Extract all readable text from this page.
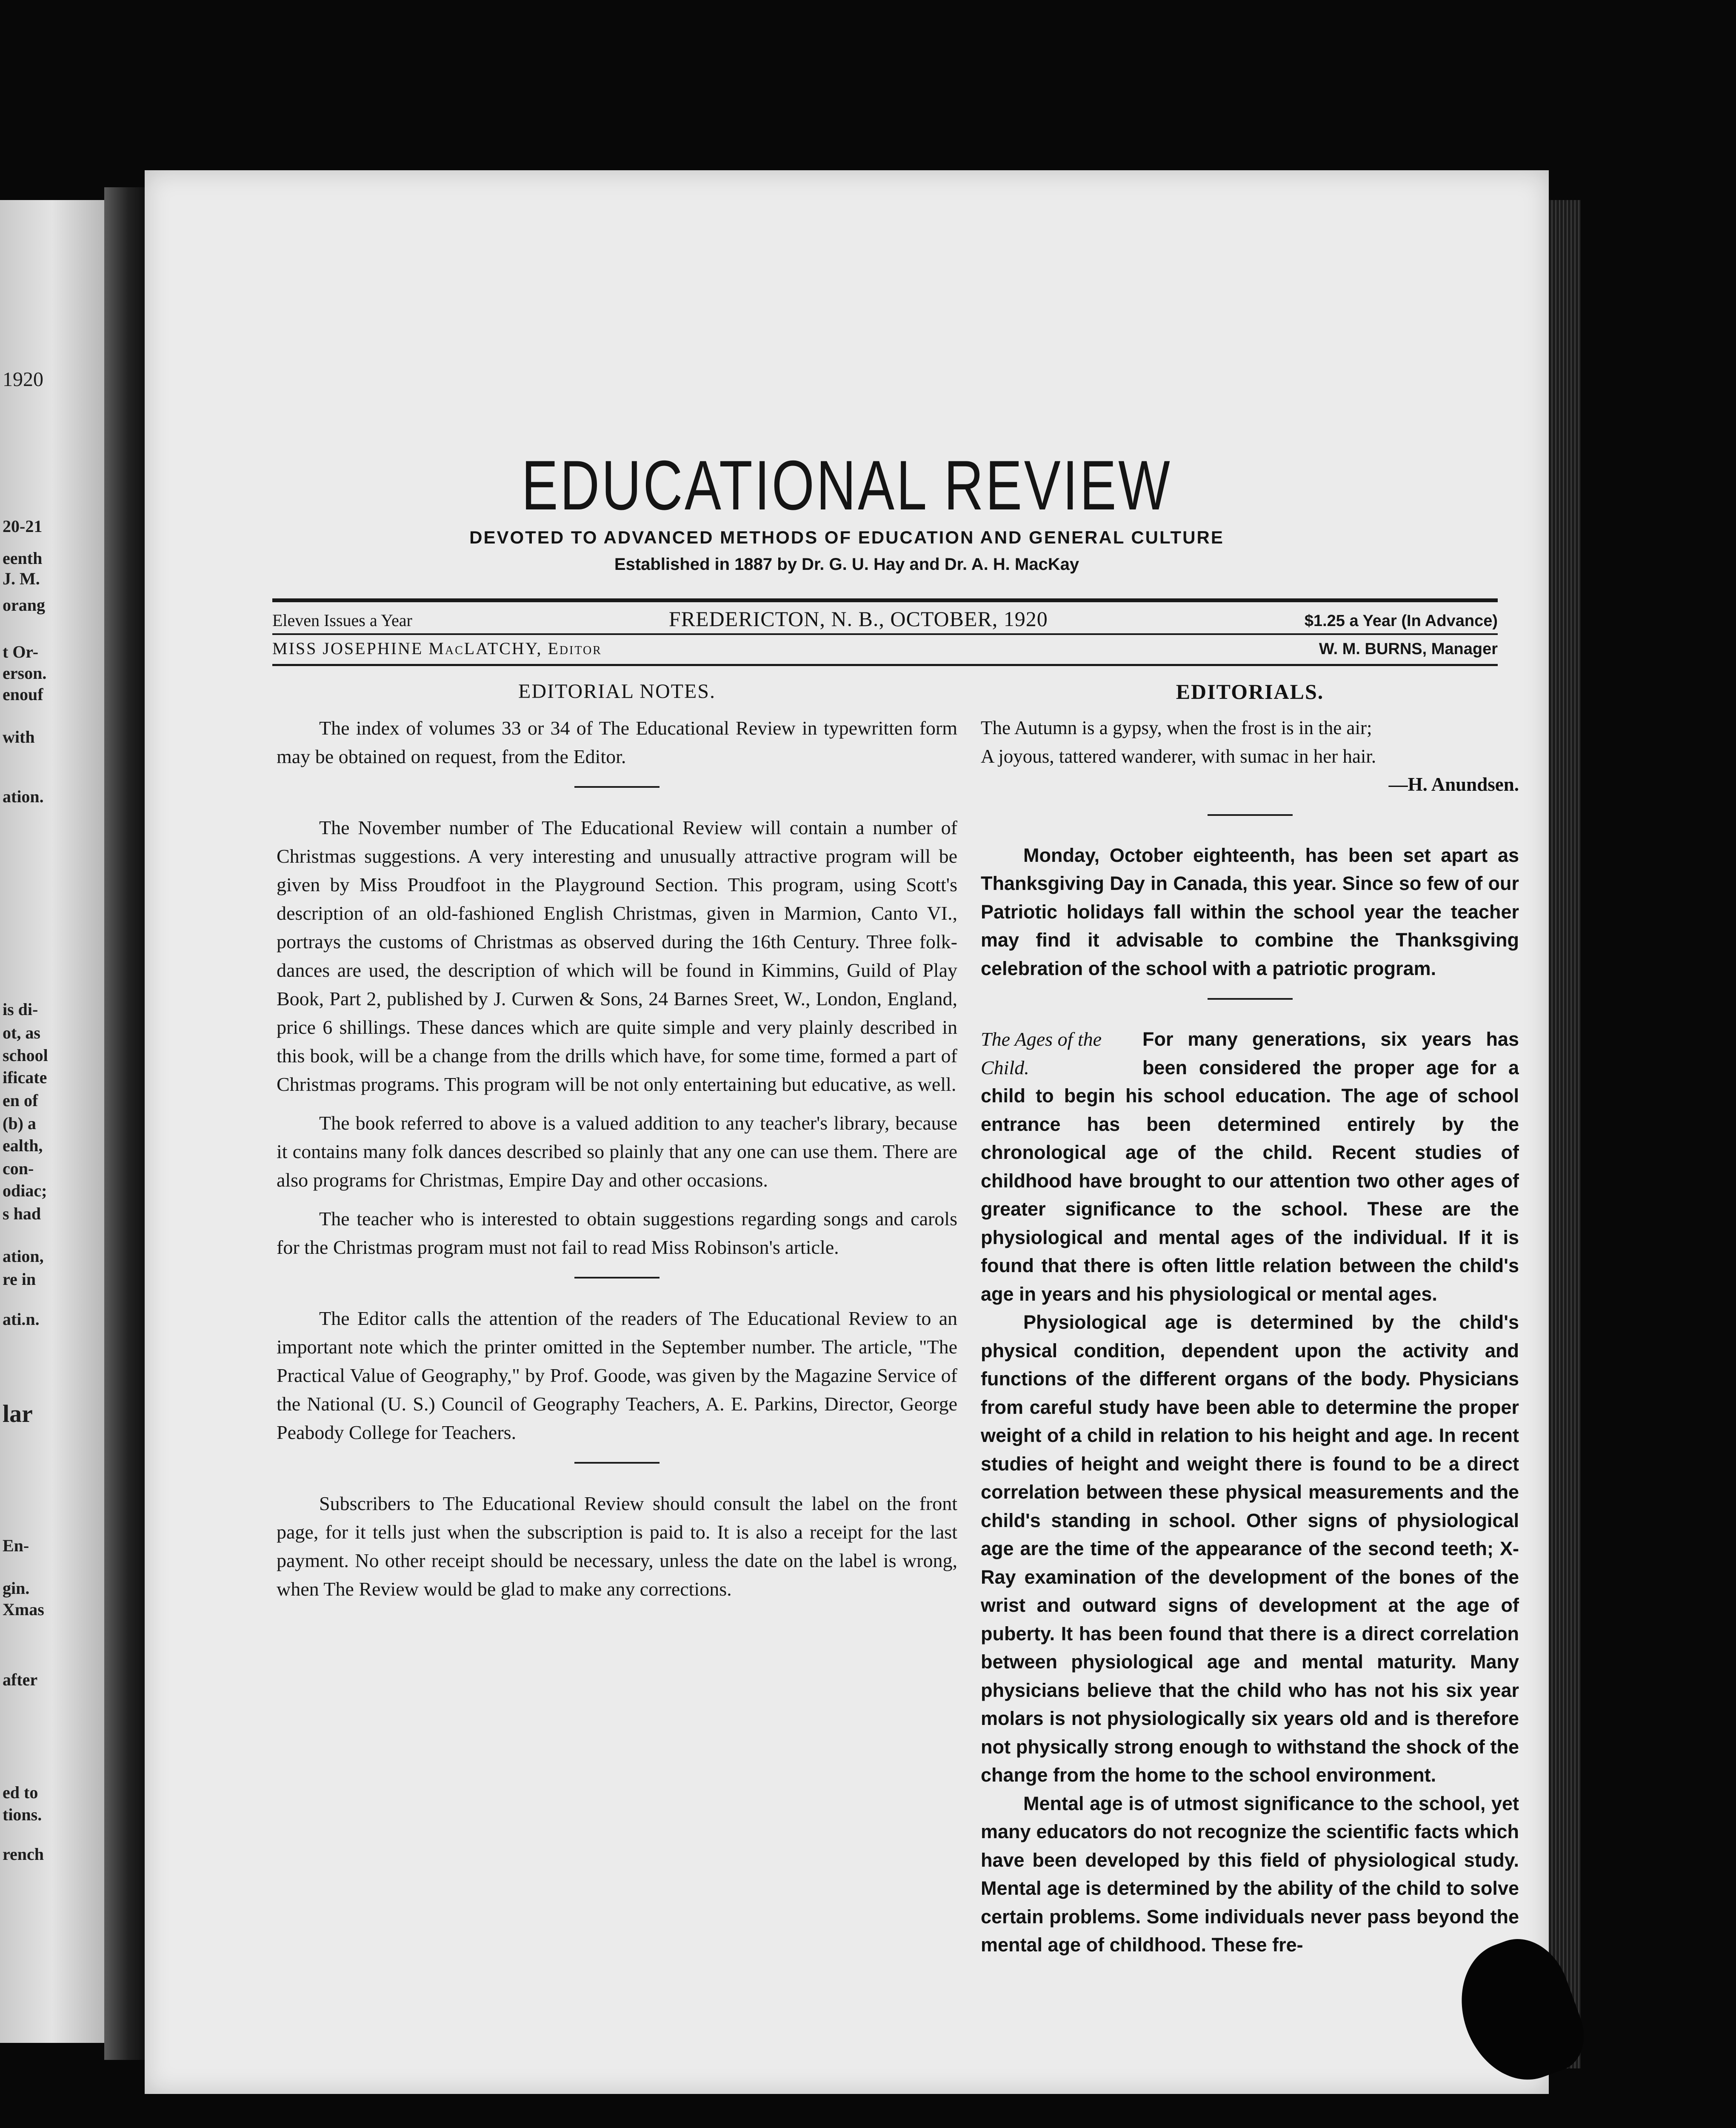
1920
20-21
eenth
J. M.
orang
t Or-
erson.
enouf
with
ation.
is di-
ot, as
school
ificate
en of
(b) a
ealth,
con-
odiac;
s had
ation,
re in
ati.n.
lar
En-
gin.
Xmas
after
ed to
tions.
rench
EDUCATIONAL REVIEW
DEVOTED TO ADVANCED METHODS OF EDUCATION AND GENERAL CULTURE
Established in 1887 by Dr. G. U. Hay and Dr. A. H. MacKay
Eleven Issues a Year	FREDERICTON, N. B., OCTOBER, 1920	$1.25 a Year (In Advance)
MISS JOSEPHINE MacLATCHY, Editor	W. M. BURNS, Manager
EDITORIAL NOTES.

The index of volumes 33 or 34 of The Educational Review in typewritten form may be obtained on request, from the Editor.

The November number of The Educational Review will contain a number of Christmas suggestions. A very interesting and unusually attractive program will be given by Miss Proudfoot in the Playground Section. This program, using Scott's description of an old-fashioned English Christmas, given in Marmion, Canto VI., portrays the customs of Christmas as observed during the 16th Century. Three folk-dances are used, the description of which will be found in Kimmins, Guild of Play Book, Part 2, published by J. Curwen & Sons, 24 Barnes Sreet, W., London, England, price 6 shillings. These dances which are quite simple and very plainly described in this book, will be a change from the drills which have, for some time, formed a part of Christmas programs. This program will be not only entertaining but educative, as well.

The book referred to above is a valued addition to any teacher's library, because it contains many folk dances described so plainly that any one can use them. There are also programs for Christmas, Empire Day and other occasions.

The teacher who is interested to obtain suggestions regarding songs and carols for the Christmas program must not fail to read Miss Robinson's article.

The Editor calls the attention of the readers of The Educational Review to an important note which the printer omitted in the September number. The article, "The Practical Value of Geography," by Prof. Goode, was given by the Magazine Service of the National (U. S.) Council of Geography Teachers, A. E. Parkins, Director, George Peabody College for Teachers.

Subscribers to The Educational Review should consult the label on the front page, for it tells just when the subscription is paid to. It is also a receipt for the last payment. No other receipt should be necessary, unless the date on the label is wrong, when The Review would be glad to make any corrections.

EDITORIALS.

The Autumn is a gypsy, when the frost is in the air;

A joyous, tattered wanderer, with sumac in her hair.

—H. Anundsen.

Monday, October eighteenth, has been set apart as Thanksgiving Day in Canada, this year. Since so few of our Patriotic holidays fall within the school year the teacher may find it advisable to combine the Thanksgiving celebration of the school with a patriotic program.

The Ages of the Child.

For many generations, six years has been considered the proper age for a child to begin his school education. The age of school entrance has been determined entirely by the chronological age of the child. Recent studies of childhood have brought to our attention two other ages of greater significance to the school. These are the physiological and mental ages of the individual. If it is found that there is often little relation between the child's age in years and his physiological or mental ages.

Physiological age is determined by the child's physical condition, dependent upon the activity and functions of the different organs of the body. Physicians from careful study have been able to determine the proper weight of a child in relation to his height and age. In recent studies of height and weight there is found to be a direct correlation between these physical measurements and the child's standing in school. Other signs of physiological age are the time of the appearance of the second teeth; X-Ray examination of the development of the bones of the wrist and outward signs of development at the age of puberty. It has been found that there is a direct correlation between physiological age and mental maturity. Many physicians believe that the child who has not his six year molars is not physiologically six years old and is therefore not physically strong enough to withstand the shock of the change from the home to the school environment.

Mental age is of utmost significance to the school, yet many educators do not recognize the scientific facts which have been developed by this field of physiological study. Mental age is determined by the ability of the child to solve certain problems. Some individuals never pass beyond the mental age of childhood. These fre-
